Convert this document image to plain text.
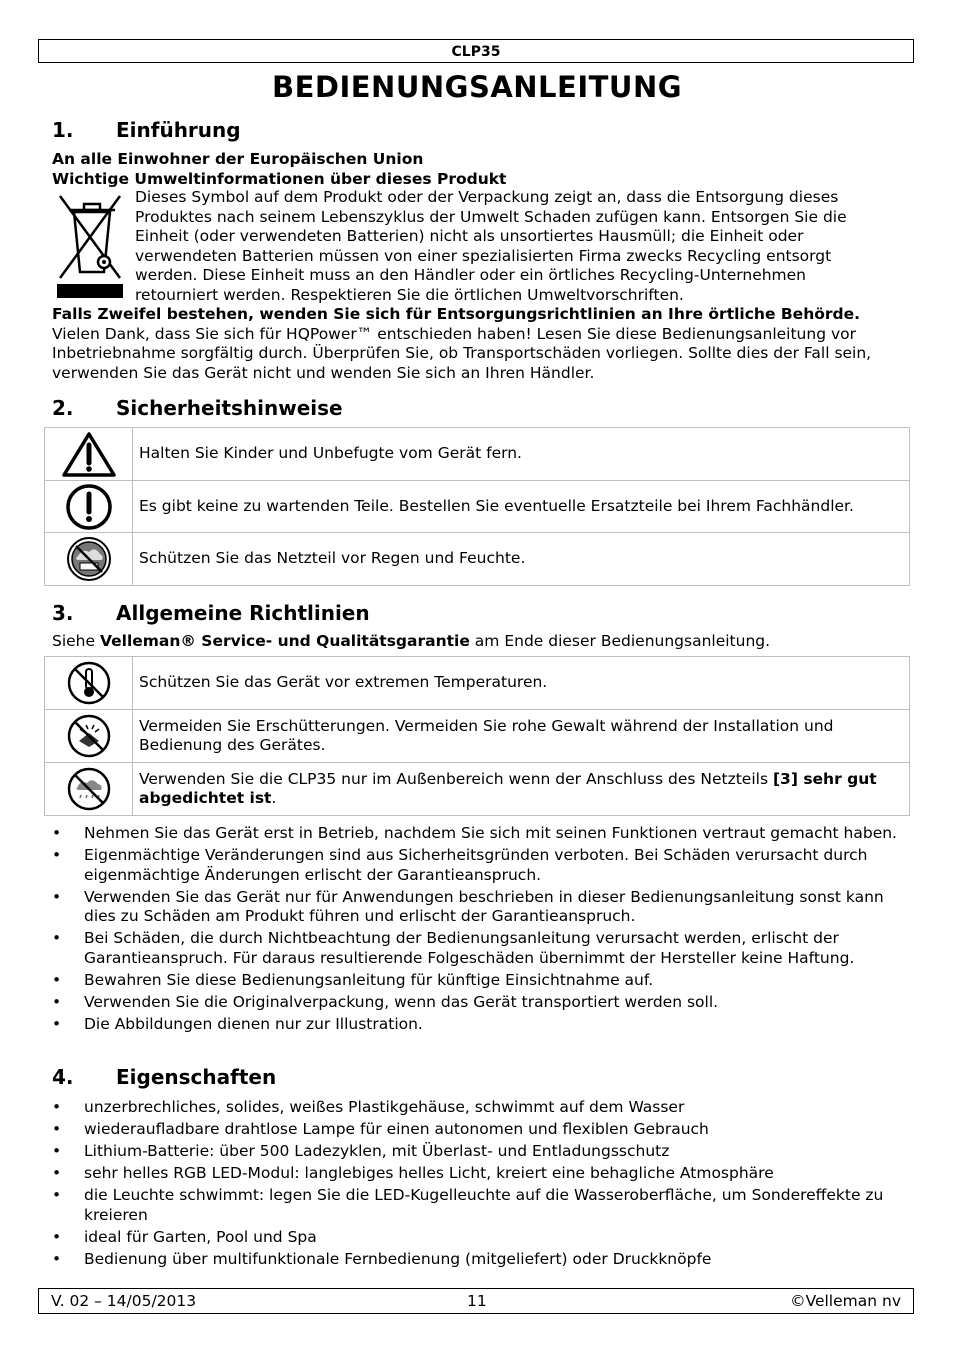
CLP35
BEDIENUNGSANLEITUNG
1. Einführung

An alle Einwohner der Europäischen Union

Wichtige Umweltinformationen über dieses Produkt

Dieses Symbol auf dem Produkt oder der Verpackung zeigt an, dass die Entsorgung dieses
Produktes nach seinem Lebenszyklus der Umwelt Schaden zufügen kann. Entsorgen Sie die
Einheit (oder verwendeten Batterien) nicht als unsortiertes Hausmüll; die Einheit oder
verwendeten Batterien müssen von einer spezialisierten Firma zwecks Recycling entsorgt
werden. Diese Einheit muss an den Händler oder ein örtliches Recycling-Unternehmen
retourniert werden. Respektieren Sie die örtlichen Umweltvorschriften.

Falls Zweifel bestehen, wenden Sie sich für Entsorgungsrichtlinien an Ihre örtliche Behörde.

Vielen Dank, dass Sie sich für HQPower™ entschieden haben! Lesen Sie diese Bedienungsanleitung vor Inbetriebnahme sorgfältig durch. Überprüfen Sie, ob Transportschäden vorliegen. Sollte dies der Fall sein, verwenden Sie das Gerät nicht und wenden Sie sich an Ihren Händler.

2. Sicherheitshinweise
	Halten Sie Kinder und Unbefugte vom Gerät fern.
	Es gibt keine zu wartenden Teile. Bestellen Sie eventuelle Ersatzteile bei Ihrem Fachhändler.
	Schützen Sie das Netzteil vor Regen und Feuchte.
3. Allgemeine Richtlinien

Siehe Velleman® Service- und Qualitätsgarantie am Ende dieser Bedienungsanleitung.

	Schützen Sie das Gerät vor extremen Temperaturen.
	Vermeiden Sie Erschütterungen. Vermeiden Sie rohe Gewalt während der Installation und Bedienung des Gerätes.
	Verwenden Sie die CLP35 nur im Außenbereich wenn der Anschluss des Netzteils [3] sehr gut abgedichtet ist.
• Nehmen Sie das Gerät erst in Betrieb, nachdem Sie sich mit seinen Funktionen vertraut gemacht haben.
• Eigenmächtige Veränderungen sind aus Sicherheitsgründen verboten. Bei Schäden verursacht durch eigenmächtige Änderungen erlischt der Garantieanspruch.
• Verwenden Sie das Gerät nur für Anwendungen beschrieben in dieser Bedienungsanleitung sonst kann dies zu Schäden am Produkt führen und erlischt der Garantieanspruch.
• Bei Schäden, die durch Nichtbeachtung der Bedienungsanleitung verursacht werden, erlischt der Garantieanspruch. Für daraus resultierende Folgeschäden übernimmt der Hersteller keine Haftung.
• Bewahren Sie diese Bedienungsanleitung für künftige Einsichtnahme auf.
• Verwenden Sie die Originalverpackung, wenn das Gerät transportiert werden soll.
• Die Abbildungen dienen nur zur Illustration.
4. Eigenschaften
• unzerbrechliches, solides, weißes Plastikgehäuse, schwimmt auf dem Wasser
• wiederaufladbare drahtlose Lampe für einen autonomen und flexiblen Gebrauch
• Lithium-Batterie: über 500 Ladezyklen, mit Überlast- und Entladungsschutz
• sehr helles RGB LED-Modul: langlebiges helles Licht, kreiert eine behagliche Atmosphäre
• die Leuchte schwimmt: legen Sie die LED-Kugelleuchte auf die Wasseroberfläche, um Sondereffekte zu kreieren
• ideal für Garten, Pool und Spa
• Bedienung über multifunktionale Fernbedienung (mitgeliefert) oder Druckknöpfe
V. 02 – 14/05/2013	11	©Velleman nv
